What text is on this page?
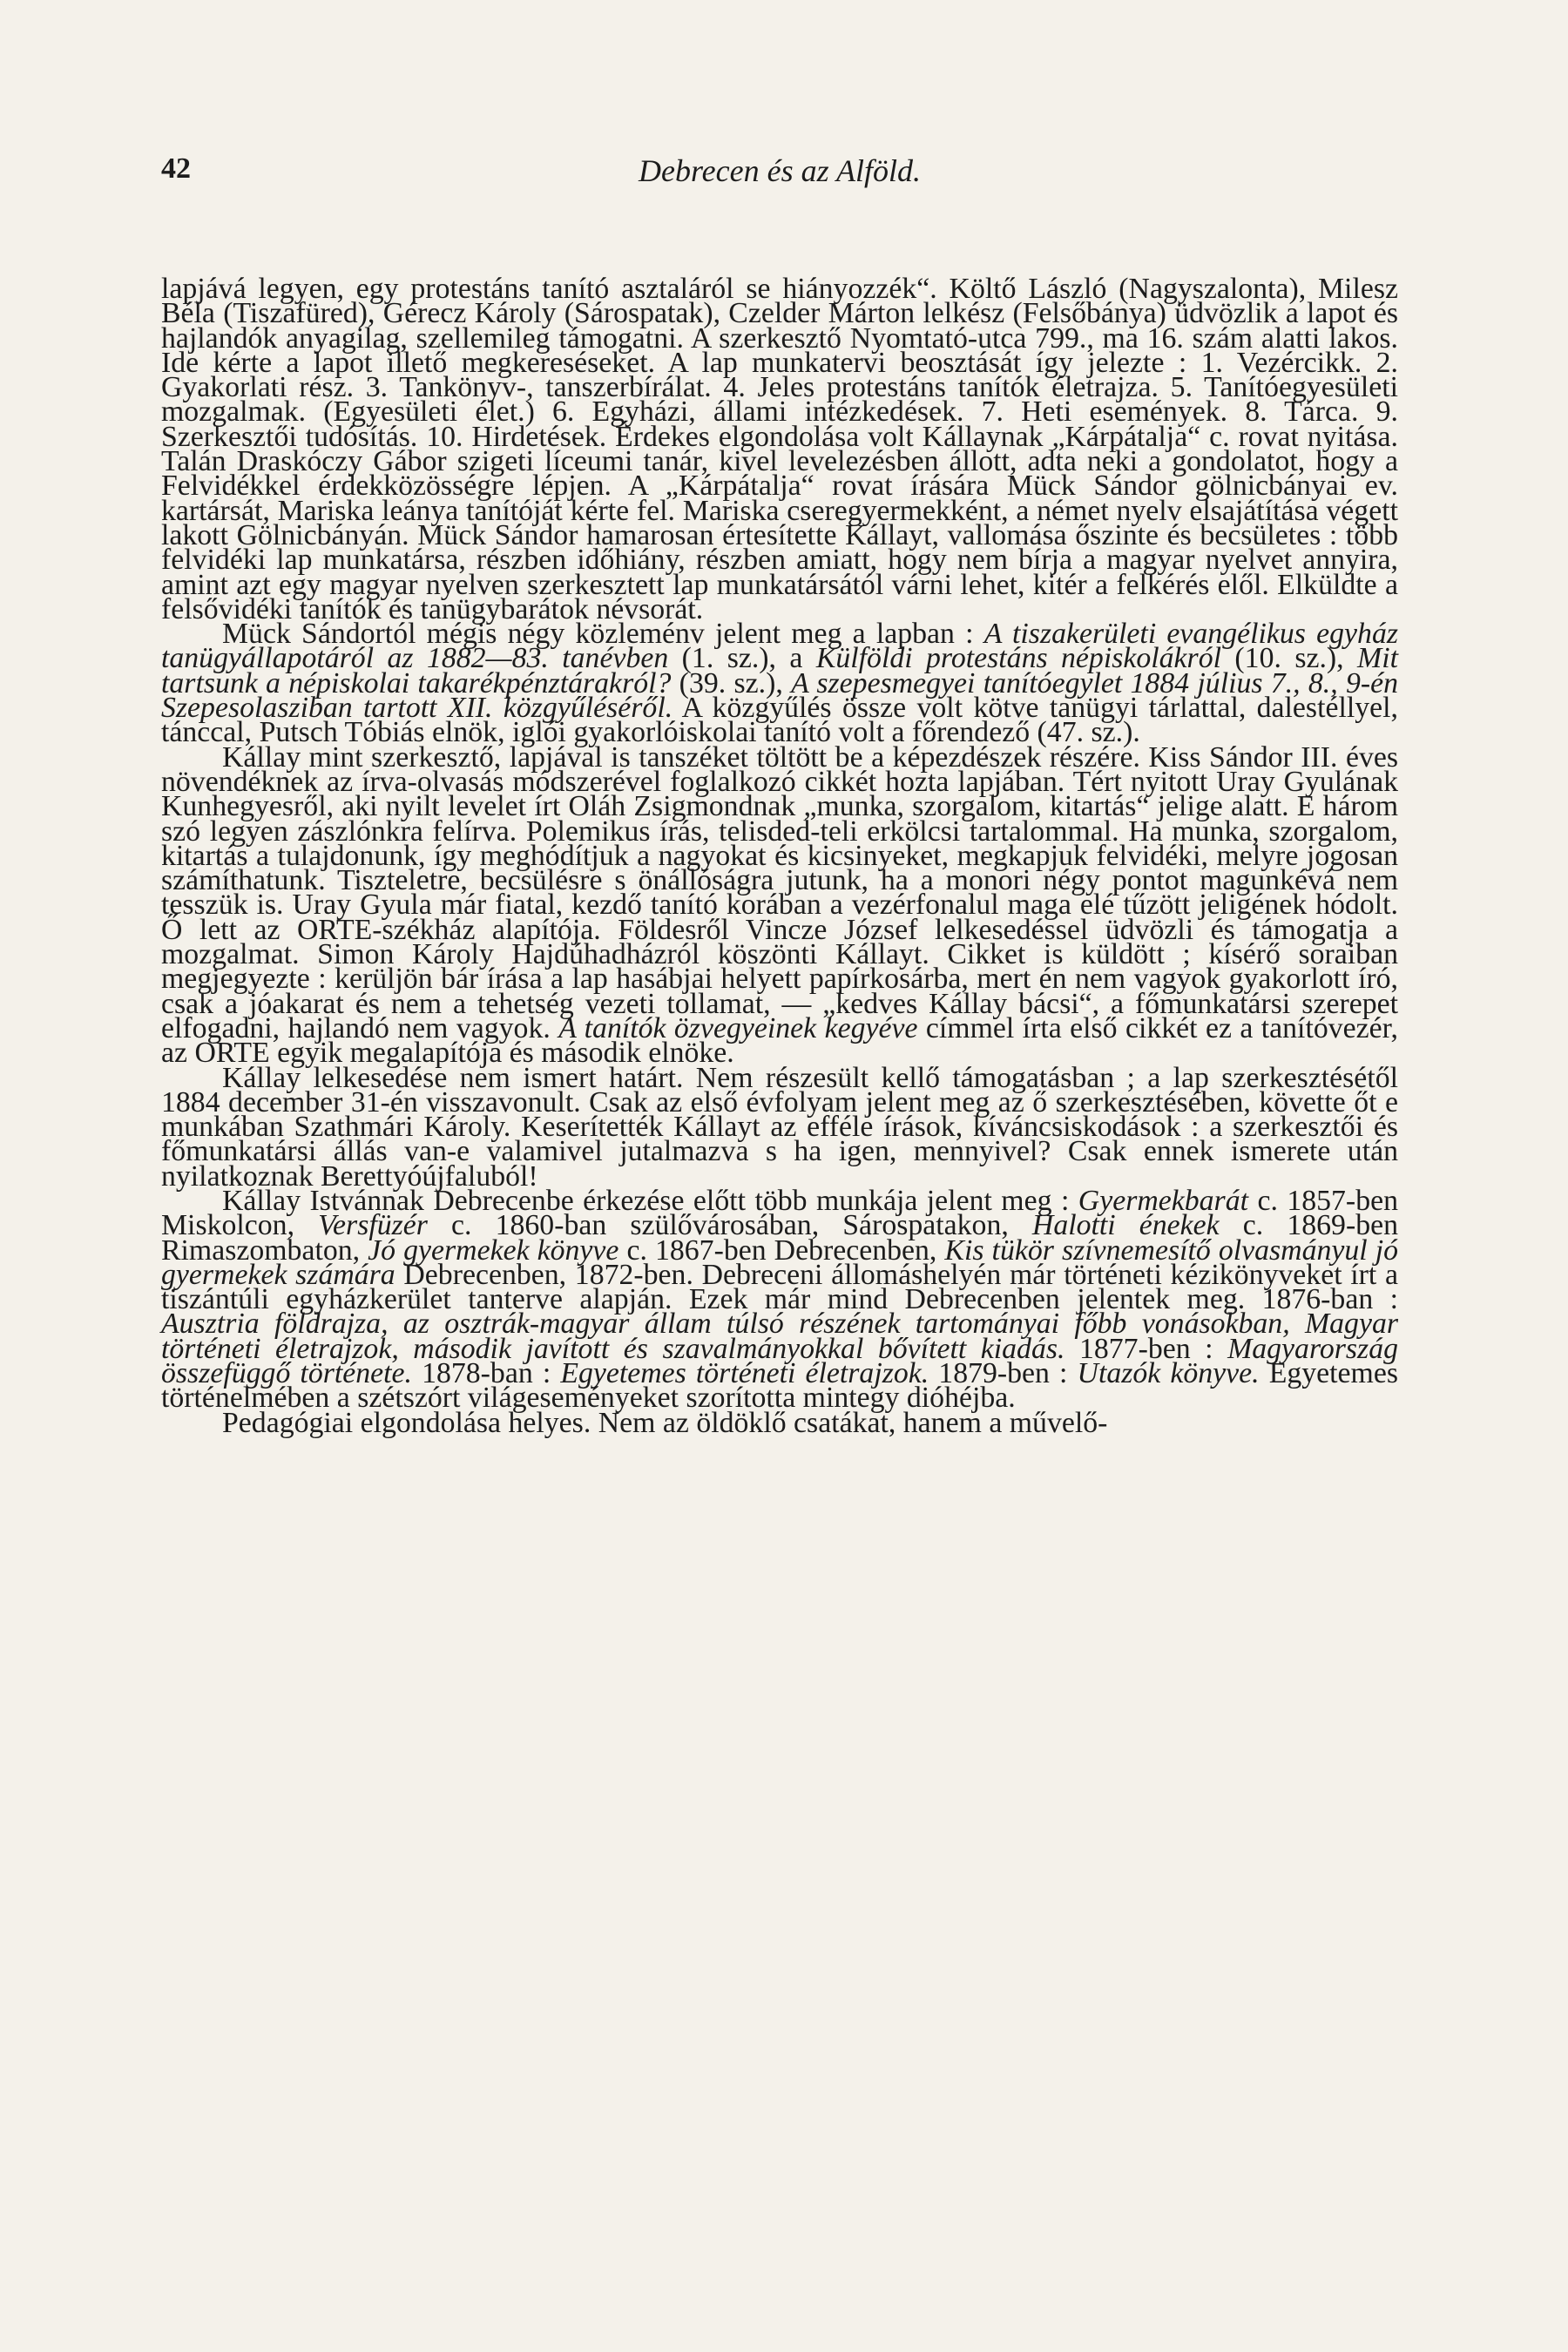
42	Debrecen és az Alföld.

lapjává legyen, egy protestáns tanító asztaláról se hiányozzék“. Költő László (Nagyszalonta), Milesz Béla (Tiszafüred), Gérecz Károly (Sárospatak), Czelder Márton lelkész (Felsőbánya) üdvözlik a lapot és hajlandók anyagilag, szellemileg támogatni. A szerkesztő Nyomtató-utca 799., ma 16. szám alatti lakos. Ide kérte a lapot illető megkereséseket. A lap munkatervi beosztását így jelezte : 1. Vezércikk. 2. Gyakorlati rész. 3. Tankönyv-, tanszerbírálat. 4. Jeles protestáns tanítók életrajza. 5. Tanítóegyesületi mozgalmak. (Egyesületi élet.) 6. Egyházi, állami intézkedések. 7. Heti események. 8. Tárca. 9. Szerkesztői tudósítás. 10. Hirdetések. Érdekes elgondolása volt Kállaynak „Kárpátalja“ c. rovat nyitása. Talán Draskóczy Gábor szigeti líceumi tanár, kivel levelezésben állott, adta neki a gondolatot, hogy a Felvidékkel érdekközösségre lépjen. A „Kárpátalja“ rovat írására Mück Sándor gölnicbányai ev. kartársát, Mariska leánya tanítóját kérte fel. Mariska cseregyermekként, a német nyelv elsajátítása végett lakott Gölnicbányán. Mück Sándor hamarosan értesítette Kállayt, vallomása őszinte és becsületes : több felvidéki lap munkatársa, részben időhiány, részben amiatt, hogy nem bírja a magyar nyelvet annyira, amint azt egy magyar nyelven szerkesztett lap munkatársától várni lehet, kitér a felkérés elől. Elküldte a felsővidéki tanítók és tanügybarátok névsorát.

Mück Sándortól mégis négy közleménv jelent meg a lapban : A tiszakerületi evangélikus egyház tanügyállapotáról az 1882—83. tanévben (1. sz.), a Külföldi protestáns népiskolákról (10. sz.), Mit tartsunk a népiskolai takarékpénztárakról? (39. sz.), A szepesmegyei tanítóegylet 1884 július 7., 8., 9-én Szepesolasziban tartott XII. közgyűléséről. A közgyűlés össze volt kötve tanügyi tárlattal, dalestéllyel, tánccal, Putsch Tóbiás elnök, iglói gyakorlóiskolai tanító volt a főrendező (47. sz.).

Kállay mint szerkesztő, lapjával is tanszéket töltött be a képezdészek részére. Kiss Sándor III. éves növendéknek az írva-olvasás módszerével foglalkozó cikkét hozta lapjában. Tért nyitott Uray Gyulának Kunhegyesről, aki nyilt levelet írt Oláh Zsigmondnak „munka, szorgalom, kitartás“ jelige alatt. E három szó legyen zászlónkra felírva. Polemikus írás, telisded-teli erkölcsi tartalommal. Ha munka, szorgalom, kitartás a tulajdonunk, így meghódítjuk a nagyokat és kicsinyeket, megkapjuk felvidéki, melyre jogosan számíthatunk. Tiszteletre, becsülésre s önállóságra jutunk, ha a monori négy pontot magunkévá nem tesszük is. Uray Gyula már fiatal, kezdő tanító korában a vezérfonalul maga elé tűzött jeligének hódolt. Ő lett az ORTE-székház alapítója. Földesről Vincze József lelkesedéssel üdvözli és támogatja a mozgalmat. Simon Károly Hajdúhadházról köszönti Kállayt. Cikket is küldött ; kísérő soraiban megjegyezte : kerüljön bár írása a lap hasábjai helyett papírkosárba, mert én nem vagyok gyakorlott író, csak a jóakarat és nem a tehetség vezeti tollamat, — „kedves Kállay bácsi“, a főmunkatársi szerepet elfogadni, hajlandó nem vagyok. A tanítók özvegyeinek kegyéve címmel írta első cikkét ez a tanítóvezér, az ORTE egyik megalapítója és második elnöke.

Kállay lelkesedése nem ismert határt. Nem részesült kellő támogatásban ; a lap szerkesztésétől 1884 december 31-én visszavonult. Csak az első évfolyam jelent meg az ő szerkesztésében, követte őt e munkában Szathmári Károly. Keserítették Kállayt az efféle írások, kíváncsiskodások : a szerkesztői és főmunkatársi állás van-e valamivel jutalmazva s ha igen, mennyivel? Csak ennek ismerete után nyilatkoznak Berettyóújfaluból!

Kállay Istvánnak Debrecenbe érkezése előtt több munkája jelent meg : Gyermekbarát c. 1857-ben Miskolcon, Versfüzér c. 1860-ban szülővárosában, Sárospatakon, Halotti énekek c. 1869-ben Rimaszombaton, Jó gyermekek könyve c. 1867-ben Debrecenben, Kis tükör szívnemesítő olvasmányul jó gyermekek számára Debrecenben, 1872-ben. Debreceni állomáshelyén már történeti kézikönyveket írt a tiszántúli egyházkerület tanterve alapján. Ezek már mind Debrecenben jelentek meg. 1876-ban : Ausztria földrajza, az osztrák-magyar állam túlsó részének tartományai főbb vonásokban, Magyar történeti életrajzok, második javított és szavalmányokkal bővített kiadás. 1877-ben : Magyarország összefüggő története. 1878-ban : Egyetemes történeti életrajzok. 1879-ben : Utazók könyve. Egyetemes történelmében a szétszórt világeseményeket szorította mintegy dióhéjba.

Pedagógiai elgondolása helyes. Nem az öldöklő csatákat, hanem a művelő-
